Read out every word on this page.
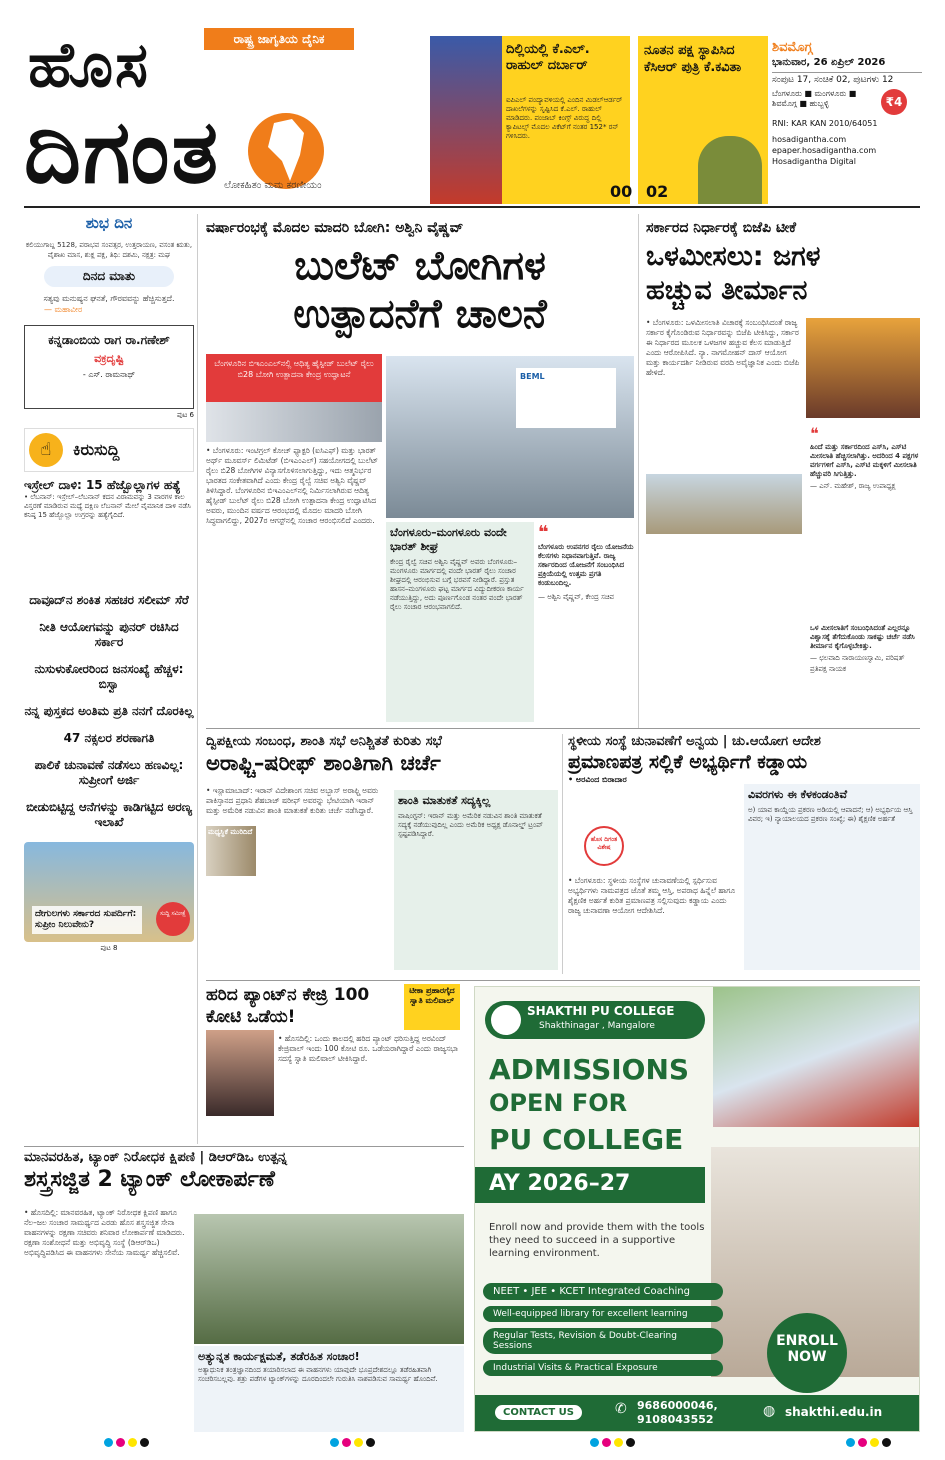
ಹೊಸ
ದಿಗಂತ
ರಾಷ್ಟ್ರ ಜಾಗೃತಿಯ ದೈನಿಕ
ಲೋಕಹಿತಂ ಮಮ ಕರಣೀಯಂ
ದಿಲ್ಲಿಯಲ್ಲಿ ಕೆ.ಎಲ್. ರಾಹುಲ್ ದರ್ಬಾರ್
ಐಪಿಎಲ್ ಪಂದ್ಯಾವಳಿಯಲ್ಲಿ ಎಂದಿನ ಮಿಡಲ್‌ಆರ್ಡರ್ ದಾಖಲೆಗಳನ್ನು ಸೃಷ್ಟಿಸಿದ ಕೆ.ಎಲ್. ರಾಹುಲ್ ಮಾಡಿದರು. ಪಂಜಾಬ್ ಕಿಂಗ್ಸ್ ವಿರುದ್ಧ ದಿಲ್ಲಿ ಕ್ಯಾಪಿಟಲ್ಸ್ ಮೊದಲ ವಿಕೆಟ್‌ಗೆ ನಂತರ 152* ರನ್ ಗಳಿಸಿದರು.
00
ನೂತನ ಪಕ್ಷ ಸ್ಥಾಪಿಸಿದ ಕೆಸಿಆರ್ ಪುತ್ರಿ ಕೆ.ಕವಿತಾ
02
ಶಿವಮೊಗ್ಗ
ಭಾನುವಾರ, 26 ಏಪ್ರಿಲ್ 2026
ಸಂಪುಟ 17, ಸಂಚಿಕೆ 02, ಪುಟಗಳು 12
ಬೆಂಗಳೂರು ■ ಮಂಗಳೂರು ■ ಶಿವಮೊಗ್ಗ ■ ಹುಬ್ಬಳ್ಳಿ	₹4
RNI: KAR KAN 2010/64051
hosadigantha.com
epaper.hosadigantha.com
Hosadigantha Digital
ಶುಭ ದಿನ
ಕಲಿಯುಗಾಬ್ದ 5128, ಪರಾಭವ ಸಂವತ್ಸರ, ಉತ್ತರಾಯಣ, ವಸಂತ ಋತು, ವೈಶಾಖ ಮಾಸ, ಶುಕ್ಲ ಪಕ್ಷ, ತಿಥಿ: ದಶಮಿ, ನಕ್ಷತ್ರ: ಮಘ
ದಿನದ ಮಾತು
ಸತ್ಯವು ಮನುಷ್ಯನ ಘನತೆ, ಗೌರವವನ್ನು ಹೆಚ್ಚಿಸುತ್ತದೆ.
— ಮಹಾವೀರ
ಕನ್ನಡಾಂಬಿಯ ರಾಗ ರಾ.ಗಣೇಶ್
ವಕ್ರದೃಷ್ಟಿ
- ಎಸ್. ರಾಮನಾಥ್
ಪುಟ 6
☝	ಕಿರುಸುದ್ದಿ
ಇಸ್ರೇಲ್ ದಾಳಿ: 15 ಹೆಜ್ಬೊಲ್ಲಾಗಳ ಹತ್ಯೆ
• ಲೆಬನಾನ್: ಇಸ್ರೇಲ್–ಲೆಬನಾನ್ ಕದನ ವಿರಾಮವನ್ನು 3 ವಾರಗಳ ಕಾಲ ವಿಸ್ತರಣೆ ಮಾಡಿರುವ ಮಧ್ಯೆ ದಕ್ಷಿಣ ಲೆಬನಾನ್ ಮೇಲೆ ವೈಮಾನಿಕ ದಾಳಿ ನಡೆಸಿ ಕನಿಷ್ಠ 15 ಹೆಜ್ಬೊಲ್ಲಾ ಉಗ್ರರನ್ನು ಹತ್ಯೆಗೈದಿದೆ.
ದಾವೂದ್‌ನ ಶಂಕಿತ ಸಹಚರ ಸಲೀಮ್ ಸೆರೆ
ನೀತಿ ಆಯೋಗವನ್ನು ಪುನರ್ ರಚಿಸಿದ ಸರ್ಕಾರ
ನುಸುಳುಕೋರರಿಂದ ಜನಸಂಖ್ಯೆ ಹೆಚ್ಚಳ: ಬಿಸ್ವಾ
ನನ್ನ ಪುಸ್ತಕದ ಅಂತಿಮ ಪ್ರತಿ ನನಗೆ ದೊರಕಿಲ್ಲ
47 ನಕ್ಸಲರ ಶರಣಾಗತಿ
ಪಾಲಿಕೆ ಚುನಾವಣೆ ನಡೆಸಲು ಹಣವಿಲ್ಲ: ಸುಪ್ರೀಂಗೆ ಅರ್ಜಿ
ಬೀಡುಬಿಟ್ಟಿದ್ದ ಆನೆಗಳನ್ನು ಕಾಡಿಗಟ್ಟಿದ ಅರಣ್ಯ ಇಲಾಖೆ
ದೇಗುಲಗಳು ಸರ್ಕಾರದ ಸುಪರ್ದಿಗೆ: ಸುಪ್ರೀಂ ನಿಲುವೇನು?
ಸುದ್ದಿ ಸಮೀಕ್ಷೆ
ಪುಟ 8
ವರ್ಷಾರಂಭಕ್ಕೆ ಮೊದಲ ಮಾದರಿ ಬೋಗಿ: ಅಶ್ವಿನಿ ವೈಷ್ಣವ್
ಬುಲೆಟ್ ಬೋಗಿಗಳ
ಉತ್ಪಾದನೆಗೆ ಚಾಲನೆ
ಬೆಂಗಳೂರಿನ ಬಿಇಎಂಎಲ್‌ನಲ್ಲಿ ಆಧಿತ್ಯ ಹೈಸ್ಪೀಡ್ ಬುಲೆಟ್ ರೈಲು ಬಿ28 ಬೋಗಿ ಉತ್ಪಾದನಾ ಕೇಂದ್ರ ಉದ್ಘಾಟನೆ
• ಬೆಂಗಳೂರು: ಇಂಟಿಗ್ರಲ್ ಕೋಚ್ ಫ್ಯಾಕ್ಟರಿ (ಐಸಿಎಫ್) ಮತ್ತು ಭಾರತ್ ಅರ್ಥ್ ಮೂವರ್ಸ್ ಲಿಮಿಟೆಡ್ (ಬಿಇಎಂಎಲ್) ಸಹಯೋಗದಲ್ಲಿ ಬುಲೆಟ್ ರೈಲು ಬಿ28 ಬೋಗಿಗಳ ವಿನ್ಯಾಸಗೊಳಿಸಲಾಗುತ್ತಿದ್ದು, ಇದು ಆತ್ಮನಿರ್ಭರ ಭಾರತದ ಸಂಕೇತವಾಗಿದೆ ಎಂದು ಕೇಂದ್ರ ರೈಲ್ವೆ ಸಚಿವ ಅಶ್ವಿನಿ ವೈಷ್ಣವ್ ತಿಳಿಸಿದ್ದಾರೆ. ಬೆಂಗಳೂರಿನ ಬಿಇಎಂಎಲ್‌ನಲ್ಲಿ ನಿರ್ಮಿಸಲಾಗಿರುವ ಆದಿತ್ಯ ಹೈಸ್ಪೀಡ್ ಬುಲೆಟ್ ರೈಲು ಬಿ28 ಬೋಗಿ ಉತ್ಪಾದನಾ ಕೇಂದ್ರ ಉದ್ಘಾಟಿಸಿದ ಅವರು, ಮುಂದಿನ ವರ್ಷದ ಆರಂಭದಲ್ಲಿ ಮೊದಲ ಮಾದರಿ ಬೋಗಿ ಸಿದ್ಧವಾಗಲಿದ್ದು, 2027ರ ಆಗಸ್ಟ್‌ನಲ್ಲಿ ಸಂಚಾರ ಆರಂಭಿಸಲಿದೆ ಎಂದರು.
BEML
ಬೆಂಗಳೂರು–ಮಂಗಳೂರು ವಂದೇ ಭಾರತ್ ಶೀಘ್ರ
ಕೇಂದ್ರ ರೈಲ್ವೆ ಸಚಿವ ಅಶ್ವಿನಿ ವೈಷ್ಣವ್ ಅವರು ಬೆಂಗಳೂರು–ಮಂಗಳೂರು ಮಾರ್ಗದಲ್ಲಿ ವಂದೇ ಭಾರತ್ ರೈಲು ಸಂಚಾರ ಶೀಘ್ರದಲ್ಲಿ ಆರಂಭಿಸುವ ಬಗ್ಗೆ ಭರವಸೆ ನೀಡಿದ್ದಾರೆ. ಪ್ರಸ್ತುತ ಹಾಸನ–ಮಂಗಳೂರು ಘಟ್ಟ ಮಾರ್ಗದ ವಿದ್ಯುದೀಕರಣ ಕಾರ್ಯ ನಡೆಯುತ್ತಿದ್ದು, ಅದು ಪೂರ್ಣಗೊಂಡ ನಂತರ ವಂದೇ ಭಾರತ್ ರೈಲು ಸಂಚಾರ ಆರಂಭವಾಗಲಿದೆ.
❝
ಬೆಂಗಳೂರು ಉಪನಗರ ರೈಲು ಯೋಜನೆಯ ಕೆಲಸಗಳು ನಿಧಾನವಾಗುತ್ತಿವೆ. ರಾಜ್ಯ ಸರ್ಕಾರದಿಂದ ಯೋಜನೆಗೆ ಸಂಬಂಧಿಸಿದ ಪ್ರಕ್ರಿಯೆಯಲ್ಲಿ ಉತ್ತಮ ಪ್ರಗತಿ ಕಂಡುಬಂದಿಲ್ಲ.
— ಅಶ್ವಿನಿ ವೈಷ್ಣವ್, ಕೇಂದ್ರ ಸಚಿವ
ಸರ್ಕಾರದ ನಿರ್ಧಾರಕ್ಕೆ ಬಿಜೆಪಿ ಟೀಕೆ
ಒಳಮೀಸಲು: ಜಗಳ
ಹಚ್ಚುವ ತೀರ್ಮಾನ
• ಬೆಂಗಳೂರು: ಒಳಮೀಸಲಾತಿ ವಿಚಾರಕ್ಕೆ ಸಂಬಂಧಿಸಿದಂತೆ ರಾಜ್ಯ ಸರ್ಕಾರ ಕೈಗೊಂಡಿರುವ ನಿರ್ಧಾರವನ್ನು ಬಿಜೆಪಿ ಟೀಕಿಸಿದ್ದು, ಸರ್ಕಾರ ಈ ನಿರ್ಧಾರದ ಮೂಲಕ ಒಳಜಗಳ ಹಚ್ಚುವ ಕೆಲಸ ಮಾಡುತ್ತಿದೆ ಎಂದು ಆರೋಪಿಸಿದೆ. ನ್ಯಾ. ನಾಗಮೋಹನ್ ದಾಸ್ ಆಯೋಗ ಮತ್ತು ಕಾರ್ಯದರ್ಶಿ ನೀಡಿರುವ ವರದಿ ಅವೈಜ್ಞಾನಿಕ ಎಂದು ಬಿಜೆಪಿ ಹೇಳಿದೆ.
❝
ಹಿಂದೆ ಮತ್ತು ಸರ್ಕಾರದಿಂದ ಎಸ್‌ಸಿ, ಎಸ್‌ಟಿ ಮೀಸಲಾತಿ ಹೆಚ್ಚಿಸಲಾಗಿತ್ತು. ಅದರಿಂದ 4 ಪಕ್ಷಗಳ ವರ್ಗಗಳಿಗೆ ಎಸ್‌ಸಿ, ಎಸ್‌ಟಿ ಮಕ್ಕಳಿಗೆ ಮೀಸಲಾತಿ ಹೆಚ್ಚುವರಿ ಸಿಗುತ್ತಿತ್ತು.
— ಎನ್. ಮಹೇಶ್, ರಾಜ್ಯ ಉಪಾಧ್ಯಕ್ಷ
ಒಳ ಮೀಸಲಾತಿಗೆ ಸಂಬಂಧಿಸಿದಂತೆ ಎಲ್ಲರನ್ನೂ ವಿಶ್ವಾಸಕ್ಕೆ ತೆಗೆದುಕೊಂಡು ಸಾಕಷ್ಟು ಚರ್ಚೆ ನಡೆಸಿ ತೀರ್ಮಾನ ಕೈಗೊಳ್ಳಬೇಕಿತ್ತು.
— ಛಲವಾದಿ ನಾರಾಯಣಸ್ವಾಮಿ, ಪರಿಷತ್ ಪ್ರತಿಪಕ್ಷ ನಾಯಕ
ದ್ವಿಪಕ್ಷೀಯ ಸಂಬಂಧ, ಶಾಂತಿ ಸಭೆ ಅನಿಶ್ಚಿತತೆ ಕುರಿತು ಸಭೆ
ಅರಾಫ್ಚಿ–ಷರೀಫ್ ಶಾಂತಿಗಾಗಿ ಚರ್ಚೆ
• ಇಸ್ಲಾಮಾಬಾದ್: ಇರಾನ್ ವಿದೇಶಾಂಗ ಸಚಿವ ಅಬ್ಬಾಸ್ ಅರಾಫ್ಚಿ ಅವರು ಪಾಕಿಸ್ತಾನದ ಪ್ರಧಾನಿ ಶೆಹಬಾಜ್ ಷರೀಫ್ ಅವರನ್ನು ಭೇಟಿಯಾಗಿ ಇರಾನ್ ಮತ್ತು ಅಮೆರಿಕ ನಡುವಿನ ಶಾಂತಿ ಮಾತುಕತೆ ಕುರಿತು ಚರ್ಚೆ ನಡೆಸಿದ್ದಾರೆ.
ಮಧ್ಯಸ್ಥಿಕೆ ಮುರಿದಿದೆ
ಶಾಂತಿ ಮಾತುಕತೆ ಸದ್ಯಕ್ಕಿಲ್ಲ
ವಾಷಿಂಗ್ಟನ್: ಇರಾನ್ ಮತ್ತು ಅಮೆರಿಕ ನಡುವಿನ ಶಾಂತಿ ಮಾತುಕತೆ ಸದ್ಯಕ್ಕೆ ನಡೆಯುವುದಿಲ್ಲ ಎಂದು ಅಮೆರಿಕ ಅಧ್ಯಕ್ಷ ಡೊನಾಲ್ಡ್ ಟ್ರಂಪ್ ಸ್ಪಷ್ಟಪಡಿಸಿದ್ದಾರೆ.
ಸ್ಥಳೀಯ ಸಂಸ್ಥೆ ಚುನಾವಣೆಗೆ ಅನ್ವಯ | ಚು.ಆಯೋಗ ಆದೇಶ
ಪ್ರಮಾಣಪತ್ರ ಸಲ್ಲಿಕೆ ಅಭ್ಯರ್ಥಿಗೆ ಕಡ್ಡಾಯ
• ಅರವಿಂದ ಬಿರಾದಾರ
ಹೊಸ ದಿಗಂತ ವಿಶೇಷ
• ಬೆಂಗಳೂರು: ಸ್ಥಳೀಯ ಸಂಸ್ಥೆಗಳ ಚುನಾವಣೆಯಲ್ಲಿ ಸ್ಪರ್ಧಿಸುವ ಅಭ್ಯರ್ಥಿಗಳು ನಾಮಪತ್ರದ ಜೊತೆ ತಮ್ಮ ಆಸ್ತಿ, ಅಪರಾಧ ಹಿನ್ನೆಲೆ ಹಾಗೂ ಶೈಕ್ಷಣಿಕ ಅರ್ಹತೆ ಕುರಿತ ಪ್ರಮಾಣಪತ್ರ ಸಲ್ಲಿಸುವುದು ಕಡ್ಡಾಯ ಎಂದು ರಾಜ್ಯ ಚುನಾವಣಾ ಆಯೋಗ ಆದೇಶಿಸಿದೆ.
ವಿವರಗಳು ಈ ಕೆಳಕಂಡಂತಿವೆ
ಅ) ಯಾವ ಕಾಯ್ದೆಯ ಪ್ರಕರಣ ಅಡಿಯಲ್ಲಿ ಆಪಾದನೆ; ಆ) ಅಭ್ಯರ್ಥಿಯ ಆಸ್ತಿ ವಿವರ; ಇ) ನ್ಯಾಯಾಲಯದ ಪ್ರಕರಣ ಸಂಖ್ಯೆ; ಈ) ಶೈಕ್ಷಣಿಕ ಅರ್ಹತೆ
ಹರಿದ ಪ್ಯಾಂಟ್‌ನ ಕೇಜ್ರಿ 100 ಕೋಟಿ ಒಡೆಯ!
ಟೀಕಾ ಪ್ರಹಾರಗೈದ ಸ್ವಾತಿ ಮಲಿವಾಲ್
• ಹೊಸದಿಲ್ಲಿ: ಒಂದು ಕಾಲದಲ್ಲಿ ಹರಿದ ಪ್ಯಾಂಟ್ ಧರಿಸುತ್ತಿದ್ದ ಅರವಿಂದ್ ಕೇಜ್ರಿವಾಲ್ ಇಂದು 100 ಕೋಟಿ ರೂ. ಒಡೆಯರಾಗಿದ್ದಾರೆ ಎಂದು ರಾಜ್ಯಸಭಾ ಸದಸ್ಯೆ ಸ್ವಾತಿ ಮಲಿವಾಲ್ ಟೀಕಿಸಿದ್ದಾರೆ.
ಮಾನವರಹಿತ, ಟ್ಯಾಂಕ್ ನಿರೋಧಕ ಕ್ಷಿಪಣಿ | ಡಿಆರ್‌ಡಿಒ ಉತ್ಪನ್ನ
ಶಸ್ತ್ರಸಜ್ಜಿತ 2 ಟ್ಯಾಂಕ್ ಲೋಕಾರ್ಪಣೆ
• ಹೊಸದಿಲ್ಲಿ: ಮಾನವರಹಿತ, ಟ್ಯಾಂಕ್ ನಿರೋಧಕ ಕ್ಷಿಪಣಿ ಹಾಗೂ ನೆಲ–ಜಲ ಸಂಚಾರ ಸಾಮರ್ಥ್ಯದ ಎರಡು ಹೊಸ ಶಸ್ತ್ರಸಜ್ಜಿತ ಸೇನಾ ವಾಹನಗಳನ್ನು ರಕ್ಷಣಾ ಸಚಿವರು ಶನಿವಾರ ಲೋಕಾರ್ಪಣೆ ಮಾಡಿದರು. ರಕ್ಷಣಾ ಸಂಶೋಧನೆ ಮತ್ತು ಅಭಿವೃದ್ಧಿ ಸಂಸ್ಥೆ (ಡಿಆರ್‌ಡಿಒ) ಅಭಿವೃದ್ಧಿಪಡಿಸಿದ ಈ ವಾಹನಗಳು ಸೇನೆಯ ಸಾಮರ್ಥ್ಯ ಹೆಚ್ಚಿಸಲಿವೆ.
ಅತ್ಯುನ್ನತ ಕಾರ್ಯಕ್ಷಮತೆ, ತಡೆರಹಿತ ಸಂಚಾರ!
ಅತ್ಯಾಧುನಿಕ ತಂತ್ರಜ್ಞಾನದಿಂದ ತಯಾರಿಸಲಾದ ಈ ವಾಹನಗಳು ಯಾವುದೇ ಭೂಪ್ರದೇಶದಲ್ಲೂ ತಡೆರಹಿತವಾಗಿ ಸಂಚರಿಸಬಲ್ಲವು. ಶತ್ರು ಪಡೆಗಳ ಟ್ಯಾಂಕ್‌ಗಳನ್ನು ದೂರದಿಂದಲೇ ಗುರುತಿಸಿ ನಾಶಪಡಿಸುವ ಸಾಮರ್ಥ್ಯ ಹೊಂದಿವೆ.
SHAKTHI PU COLLEGE
Shakthinagar , Mangalore
ADMISSIONS
OPEN FOR
PU COLLEGE
AY 2026–27
Enroll now and provide them with the tools they need to succeed in a supportive learning environment.
NEET • JEE • KCET Integrated Coaching
Well-equipped library for excellent learning
Regular Tests, Revision & Doubt-Clearing Sessions
Industrial Visits & Practical Exposure
ENROLL
NOW
CONTACT US	✆ 9686000046,
9108043552
◍ shakthi.edu.in
